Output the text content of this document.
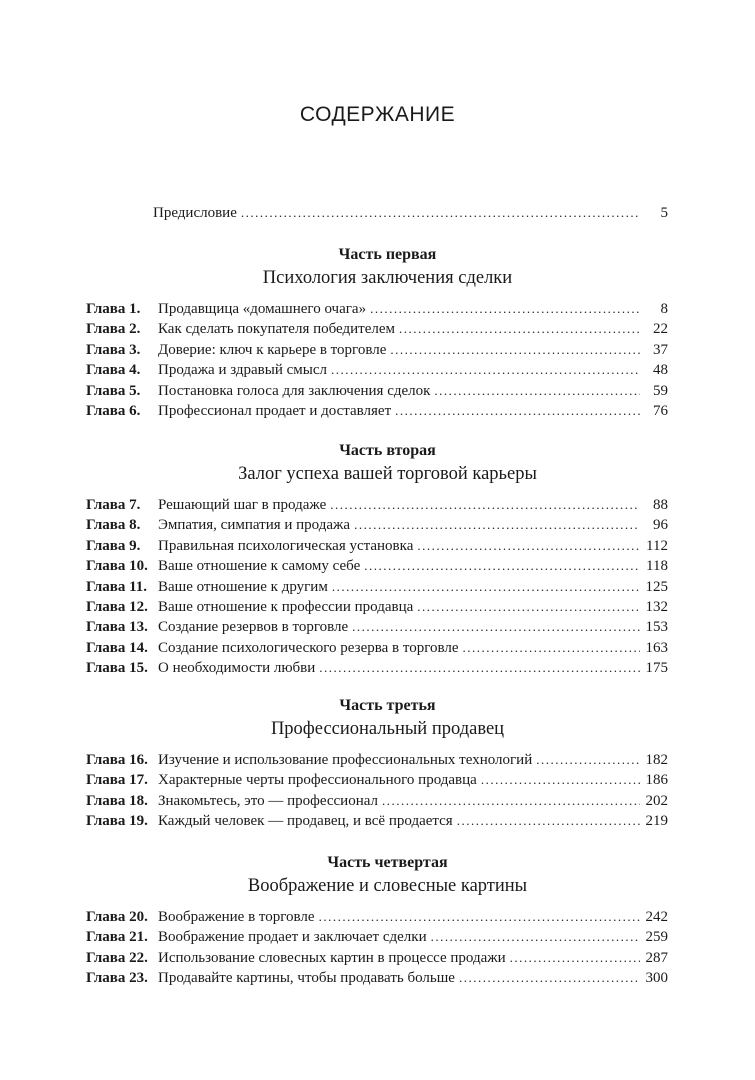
СОДЕРЖАНИЕ
Предисловие .....	5
Часть первая
Психология заключения сделки
Глава 1.	Продавщица «домашнего очага» .....	8
Глава 2.	Как сделать покупателя победителем .....	22
Глава 3.	Доверие: ключ к карьере в торговле .....	37
Глава 4.	Продажа и здравый смысл .....	48
Глава 5.	Постановка голоса для заключения сделок .....	59
Глава 6.	Профессионал продает и доставляет .....	76
Часть вторая
Залог успеха вашей торговой карьеры
Глава 7.	Решающий шаг в продаже .....	88
Глава 8.	Эмпатия, симпатия и продажа .....	96
Глава 9.	Правильная психологическая установка .....	112
Глава 10. Ваше отношение к самому себе .....	118
Глава 11. Ваше отношение к другим .....	125
Глава 12. Ваше отношение к профессии продавца .....	132
Глава 13. Создание резервов в торговле .....	153
Глава 14. Создание психологического резерва в торговле .....	163
Глава 15. О необходимости любви .....	175
Часть третья
Профессиональный продавец
Глава 16. Изучение и использование профессиональных технологий .....	182
Глава 17. Характерные черты профессионального продавца .....	186
Глава 18. Знакомьтесь, это — профессионал .....	202
Глава 19. Каждый человек — продавец, и всё продается .....	219
Часть четвертая
Воображение и словесные картины
Глава 20. Воображение в торговле .....	242
Глава 21. Воображение продает и заключает сделки .....	259
Глава 22. Использование словесных картин в процессе продажи .....	287
Глава 23. Продавайте картины, чтобы продавать больше .....	300
